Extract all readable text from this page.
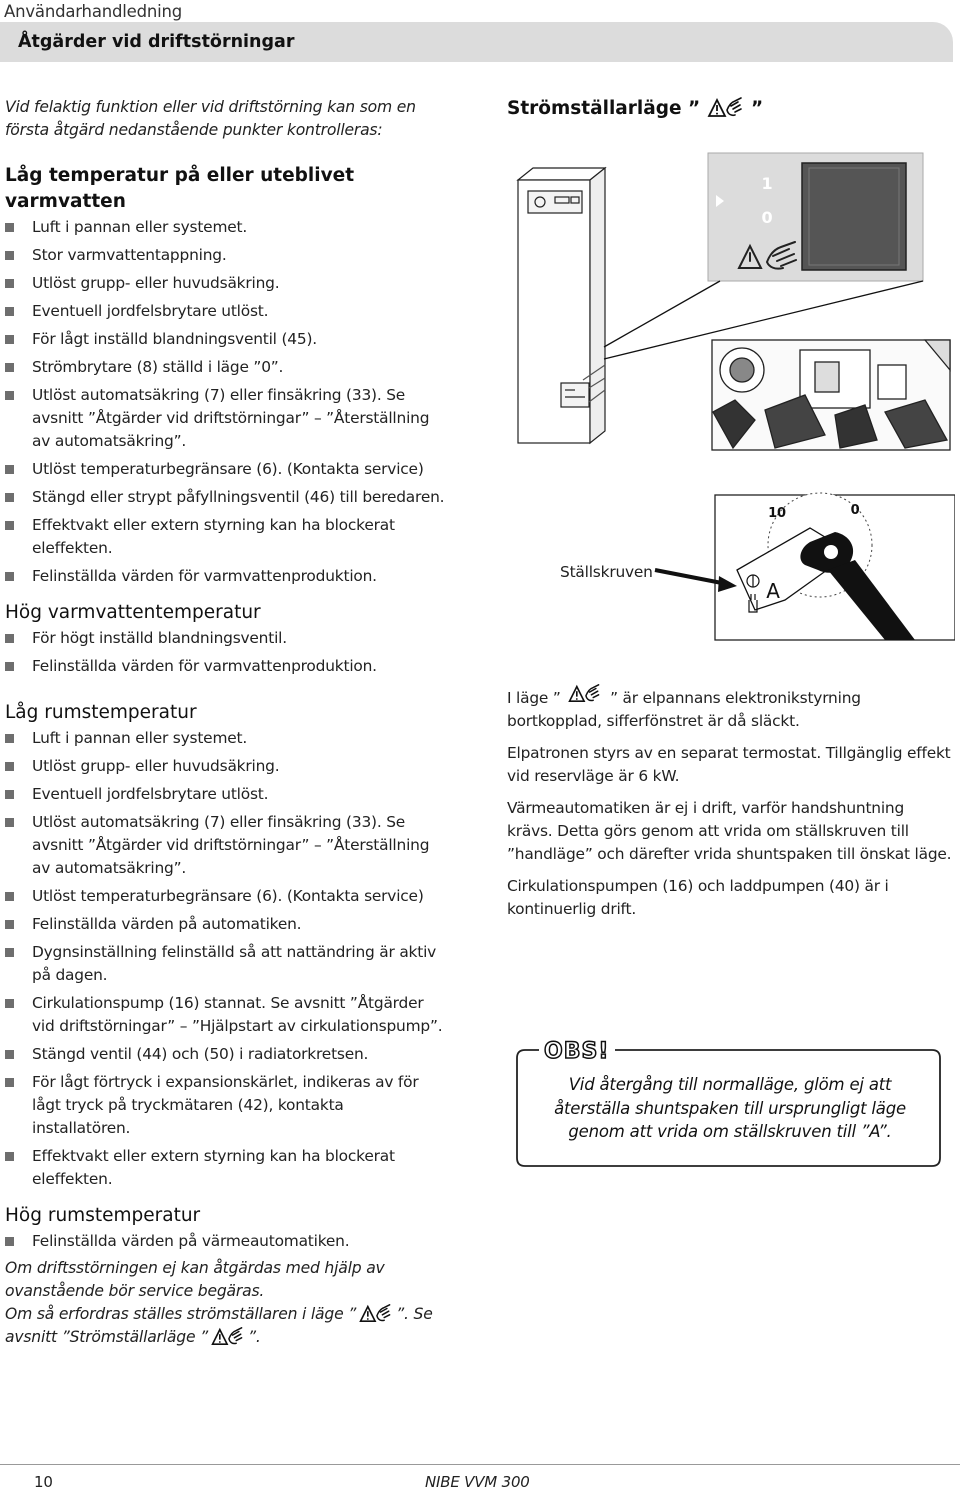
Användarhandledning
Åtgärder vid driftstörningar
Vid felaktig funktion eller vid driftstörning kan som en första åtgärd nedanstående punkter kontrolleras:
Låg temperatur på eller uteblivet varmvatten
Luft i pannan eller systemet.
Stor varmvattentappning.
Utlöst grupp- eller huvudsäkring.
Eventuell jordfelsbrytare utlöst.
För lågt inställd blandningsventil (45).
Strömbrytare (8) ställd i läge ”0”.
Utlöst automatsäkring (7) eller finsäkring (33). Se avsnitt ”Åtgärder vid driftstörningar” – ”Återställning av automatsäkring”.
Utlöst temperaturbegränsare (6). (Kontakta service)
Stängd eller strypt påfyllningsventil (46) till beredaren.
Effektvakt eller extern styrning kan ha blockerat eleffekten.
Felinställda värden för varmvattenproduktion.
Hög varmvattentemperatur
För högt inställd blandningsventil.
Felinställda värden för varmvattenproduktion.
Låg rumstemperatur
Luft i pannan eller systemet.
Utlöst grupp- eller huvudsäkring.
Eventuell jordfelsbrytare utlöst.
Utlöst automatsäkring (7) eller finsäkring (33). Se avsnitt ”Åtgärder vid driftstörningar” – ”Återställning av automatsäkring”.
Utlöst temperaturbegränsare (6). (Kontakta service)
Felinställda värden på automatiken.
Dygnsinställning felinställd så att nattändring är aktiv på dagen.
Cirkulationspump (16) stannat. Se avsnitt ”Åtgärder vid driftstörningar” – ”Hjälpstart av cirkulationspump”.
Stängd ventil (44) och (50) i radiatorkretsen.
För lågt förtryck i expansionskärlet, indikeras av för lågt tryck på tryckmätaren (42), kontakta installatören.
Effektvakt eller extern styrning kan ha blockerat eleffekten.
Hög rumstemperatur
Felinställda värden på värmeautomatiken.
Strömställarläge ”	”
1
0
10	0
A
Ställskruven

I läge ”	” är elpannans elektronikstyrning bortkopplad, sifferfönstret är då släckt.

Elpatronen styrs av en separat termostat. Tillgänglig effekt vid reservläge är 6 kW.

Värmeautomatiken är ej i drift, varför handshuntning krävs. Detta görs genom att vrida om ställskruven till ”handläge” och därefter vrida shuntspaken till önskat läge.

Cirkulationspumpen (16) och laddpumpen (40) är i kontinuerlig drift.

OBS!
Vid återgång till normalläge, glöm ej att återställa shuntspaken till ursprungligt läge genom att vrida om ställskruven till ”A”.
Om driftsstörningen ej kan åtgärdas med hjälp av ovanstående bör service begäras.
Om så erfordras ställes strömställaren i läge ”	”. Se avsnitt ”Strömställarläge ”	”.
10	NIBE VVM 300
